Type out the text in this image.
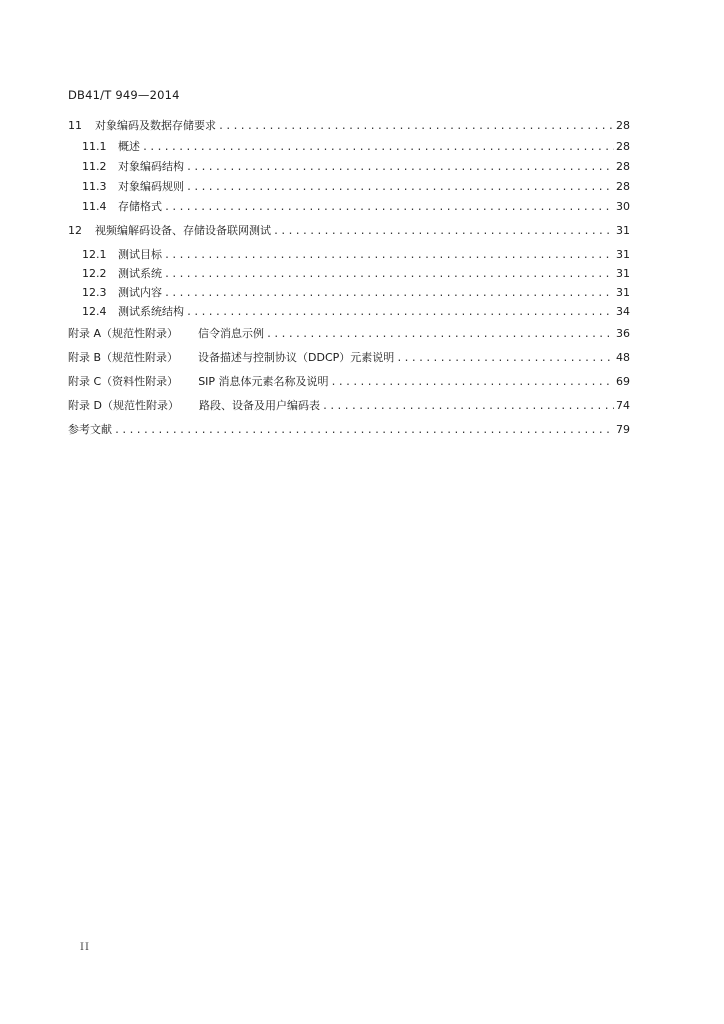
DB41/T 949—2014
11	对象编码及数据存储要求 .....	28
11.1	概述 .....	28
11.2	对象编码结构 .....	28
11.3	对象编码规则 .....	28
11.4	存储格式 .....	30
12	视频编解码设备、存储设备联网测试 .....	31
12.1	测试目标 .....	31
12.2	测试系统 .....	31
12.3	测试内容 .....	31
12.4	测试系统结构 .....	34
附录 A（规范性附录） 信令消息示例 .....	36
附录 B（规范性附录） 设备描述与控制协议（DDCP）元素说明 .....	48
附录 C（资料性附录） SIP 消息体元素名称及说明 .....	69
附录 D（规范性附录） 路段、设备及用户编码表 .....	74
参考文献 .....	79
II
